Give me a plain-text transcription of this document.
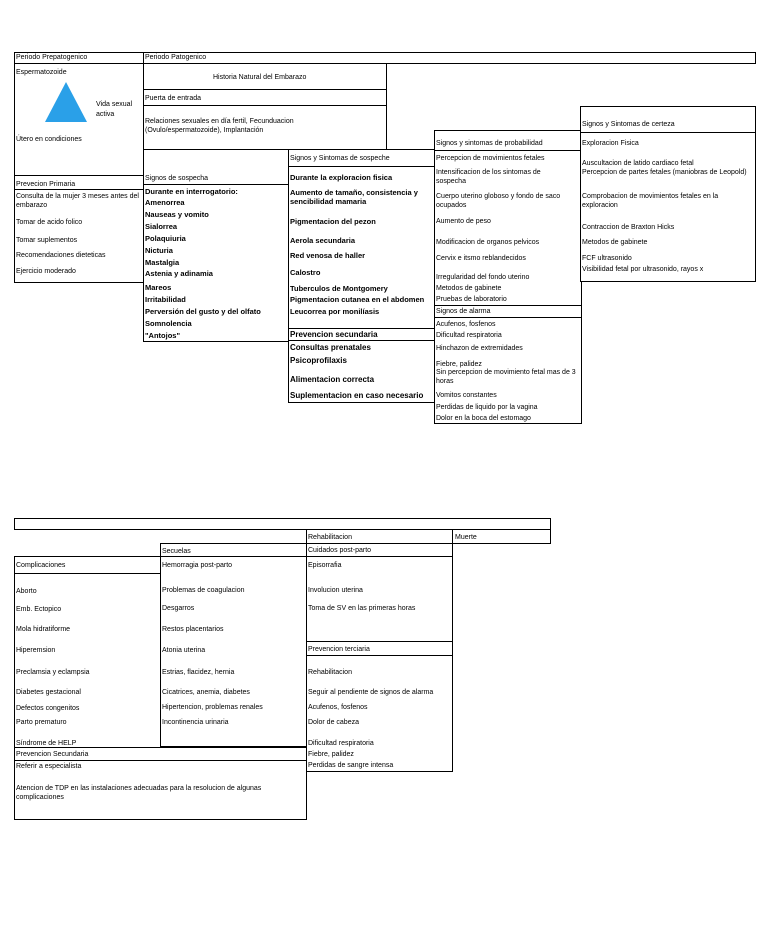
Periodo Prepatogenico	Periodo Patogenico
Espermatozoide
Vida sexual
activa
Útero en condiciones
Historia Natural del Embarazo
Puerta de entrada
Relaciones sexuales en día fertil, Fecunduacion (Ovulo/espermatozoide), Implantación
Prevecion Primaria
Consulta de la mujer 3 meses antes del embarazo
Tomar de acido folico
Tomar suplementos
Recomendaciones dieteticas
Ejercicio moderado
Signos de sospecha
Durante en interrogatorio:
Amenorrea
Nauseas y vomito
Sialorrea
Polaquiuria
Nicturia
Mastalgia
Astenia y adinamia
Mareos
Irritabilidad
Perversión del gusto y del olfato
Somnolencia
"Antojos"
Signos y Sintomas de sospeche
Durante la exploracion fisica
Aumento de tamaño, consistencia y sencibilidad mamaria
Pigmentacion del pezon
Aerola secundaria
Red venosa de haller
Calostro
Tuberculos de Montgomery
Pigmentacion cutanea en el abdomen
Leucorrea por monilíasis
Prevencion secundaria
Consultas prenatales
Psicoprofilaxis
Alimentacion correcta
Suplementacion en caso necesario
Signos y sintomas de probabilidad
Percepcion de movimientos fetales
Intensificacion de los sintomas de sospecha
Cuerpo uterino globoso y fondo de saco ocupados
Aumento de peso
Modificacion de organos pelvicos
Cervix e itsmo reblandecidos
Irregularidad del fondo uterino
Metodos de gabinete
Pruebas de laboratorio
Signos de alarma
Acufenos, fosfenos
Dificultad respiratoria
Hinchazon de extremidades
Fiebre, palidez
Sin percepcion de movimiento fetal mas de 3 horas
Vomitos constantes
Perdidas de liquido por la vagina
Dolor en la boca del estomago
Signos y Sintomas de certeza
Exploracion Fisica
Auscultacion de latido cardiaco fetal
Percepcion de partes fetales (maniobras de Leopold)
Comprobacion de movimientos fetales en la exploracion
Contraccion de Braxton Hicks
Metodos de gabinete
FCF ultrasonido
Visibilidad fetal por ultrasonido, rayos x
Rehabilitacion	Muerte
Complicaciones
Aborto
Emb. Ectopico
Mola hidratiforme
Hiperemsion
Preclamsia y eclampsia
Diabetes gestacional
Defectos congenitos
Parto prematuro
Síndrome de HELP
Secuelas
Hemorragia post-parto
Problemas de coagulacion
Desgarros
Restos placentarios
Atonia uterina
Estrias, flacidez, hernia
Cicatrices, anemia, diabetes
Hipertencion, problemas renales
Incontinencia urinaria
Cuidados post-parto
Episorrafia
Involucion uterina
Toma de SV en las primeras horas
Prevencion terciaria
Rehabilitacion
Seguir al pendiente de signos de alarma
Acufenos, fosfenos
Dolor de cabeza
Dificultad respiratoria
Fiebre, palidez
Perdidas de sangre intensa
Prevencion Secundaria
Referir a especialista
Atencion de TDP en las instalaciones adecuadas para la resolucion de algunas complicaciones
